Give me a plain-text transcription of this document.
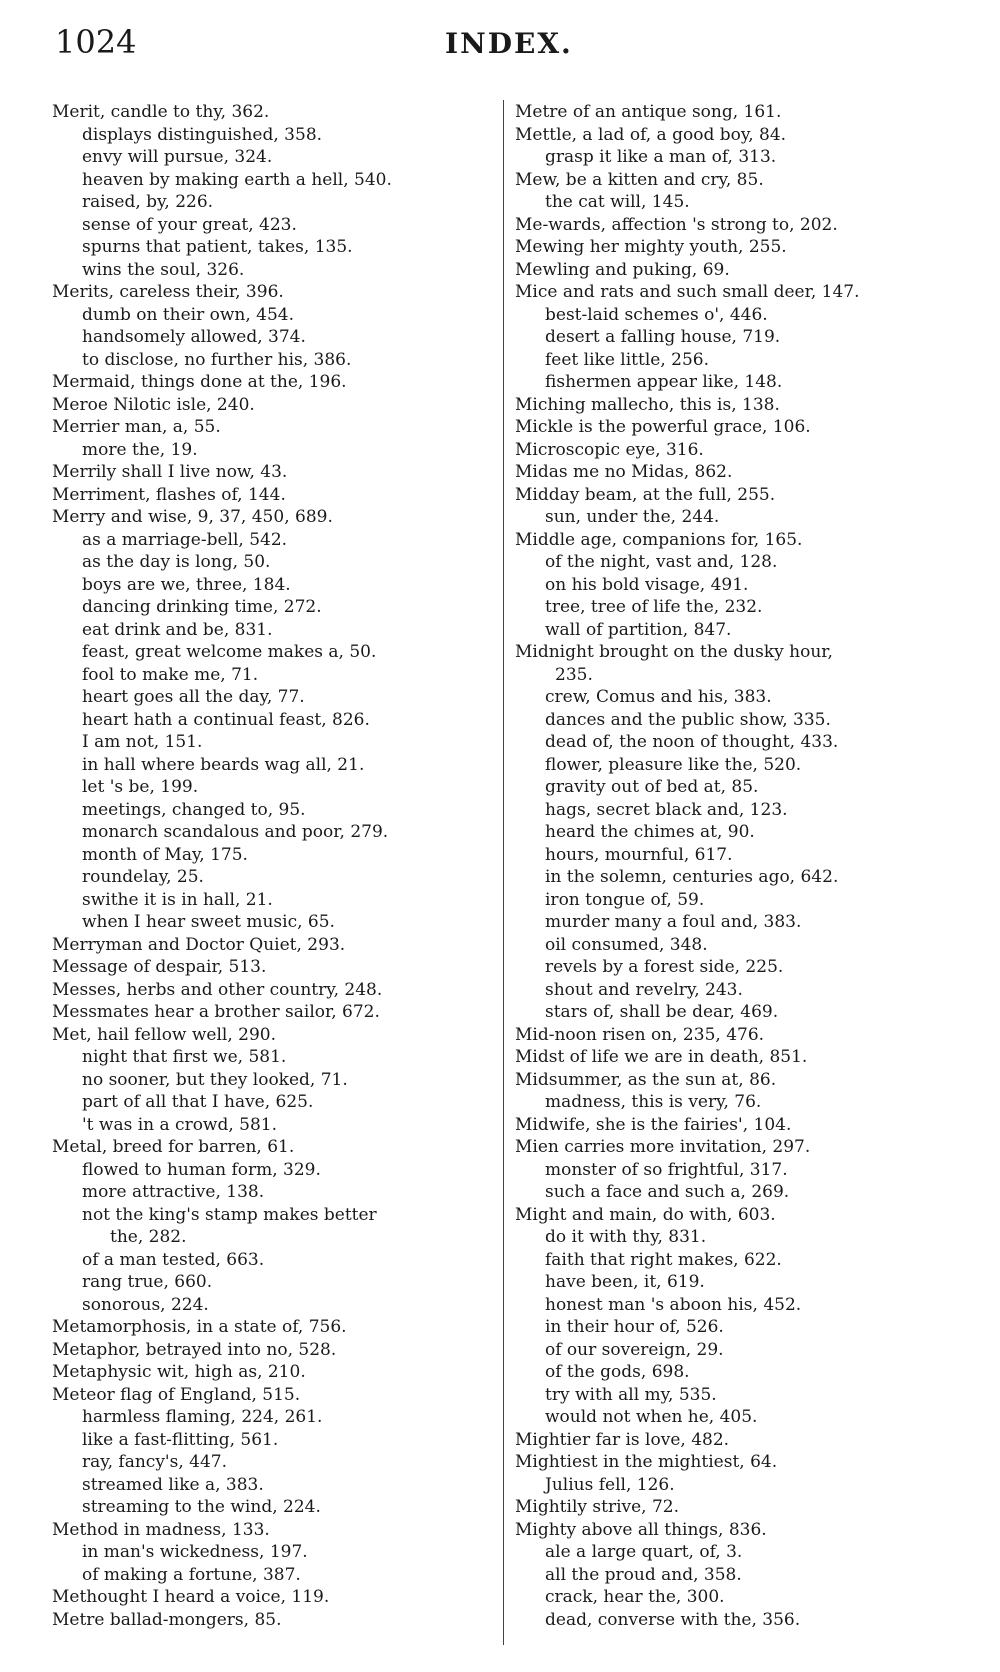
1024	INDEX.
Merit, candle to thy, 362.
displays distinguished, 358.
envy will pursue, 324.
heaven by making earth a hell, 540.
raised, by, 226.
sense of your great, 423.
spurns that patient, takes, 135.
wins the soul, 326.
Merits, careless their, 396.
dumb on their own, 454.
handsomely allowed, 374.
to disclose, no further his, 386.
Mermaid, things done at the, 196.
Meroe Nilotic isle, 240.
Merrier man, a, 55.
more the, 19.
Merrily shall I live now, 43.
Merriment, flashes of, 144.
Merry and wise, 9, 37, 450, 689.
as a marriage-bell, 542.
as the day is long, 50.
boys are we, three, 184.
dancing drinking time, 272.
eat drink and be, 831.
feast, great welcome makes a, 50.
fool to make me, 71.
heart goes all the day, 77.
heart hath a continual feast, 826.
I am not, 151.
in hall where beards wag all, 21.
let 's be, 199.
meetings, changed to, 95.
monarch scandalous and poor, 279.
month of May, 175.
roundelay, 25.
swithe it is in hall, 21.
when I hear sweet music, 65.
Merryman and Doctor Quiet, 293.
Message of despair, 513.
Messes, herbs and other country, 248.
Messmates hear a brother sailor, 672.
Met, hail fellow well, 290.
night that first we, 581.
no sooner, but they looked, 71.
part of all that I have, 625.
't was in a crowd, 581.
Metal, breed for barren, 61.
flowed to human form, 329.
more attractive, 138.
not the king's stamp makes better
the, 282.
of a man tested, 663.
rang true, 660.
sonorous, 224.
Metamorphosis, in a state of, 756.
Metaphor, betrayed into no, 528.
Metaphysic wit, high as, 210.
Meteor flag of England, 515.
harmless flaming, 224, 261.
like a fast-flitting, 561.
ray, fancy's, 447.
streamed like a, 383.
streaming to the wind, 224.
Method in madness, 133.
in man's wickedness, 197.
of making a fortune, 387.
Methought I heard a voice, 119.
Metre ballad-mongers, 85.
Metre of an antique song, 161.
Mettle, a lad of, a good boy, 84.
grasp it like a man of, 313.
Mew, be a kitten and cry, 85.
the cat will, 145.
Me-wards, affection 's strong to, 202.
Mewing her mighty youth, 255.
Mewling and puking, 69.
Mice and rats and such small deer, 147.
best-laid schemes o', 446.
desert a falling house, 719.
feet like little, 256.
fishermen appear like, 148.
Miching mallecho, this is, 138.
Mickle is the powerful grace, 106.
Microscopic eye, 316.
Midas me no Midas, 862.
Midday beam, at the full, 255.
sun, under the, 244.
Middle age, companions for, 165.
of the night, vast and, 128.
on his bold visage, 491.
tree, tree of life the, 232.
wall of partition, 847.
Midnight brought on the dusky hour,
235.
crew, Comus and his, 383.
dances and the public show, 335.
dead of, the noon of thought, 433.
flower, pleasure like the, 520.
gravity out of bed at, 85.
hags, secret black and, 123.
heard the chimes at, 90.
hours, mournful, 617.
in the solemn, centuries ago, 642.
iron tongue of, 59.
murder many a foul and, 383.
oil consumed, 348.
revels by a forest side, 225.
shout and revelry, 243.
stars of, shall be dear, 469.
Mid-noon risen on, 235, 476.
Midst of life we are in death, 851.
Midsummer, as the sun at, 86.
madness, this is very, 76.
Midwife, she is the fairies', 104.
Mien carries more invitation, 297.
monster of so frightful, 317.
such a face and such a, 269.
Might and main, do with, 603.
do it with thy, 831.
faith that right makes, 622.
have been, it, 619.
honest man 's aboon his, 452.
in their hour of, 526.
of our sovereign, 29.
of the gods, 698.
try with all my, 535.
would not when he, 405.
Mightier far is love, 482.
Mightiest in the mightiest, 64.
Julius fell, 126.
Mightily strive, 72.
Mighty above all things, 836.
ale a large quart, of, 3.
all the proud and, 358.
crack, hear the, 300.
dead, converse with the, 356.
